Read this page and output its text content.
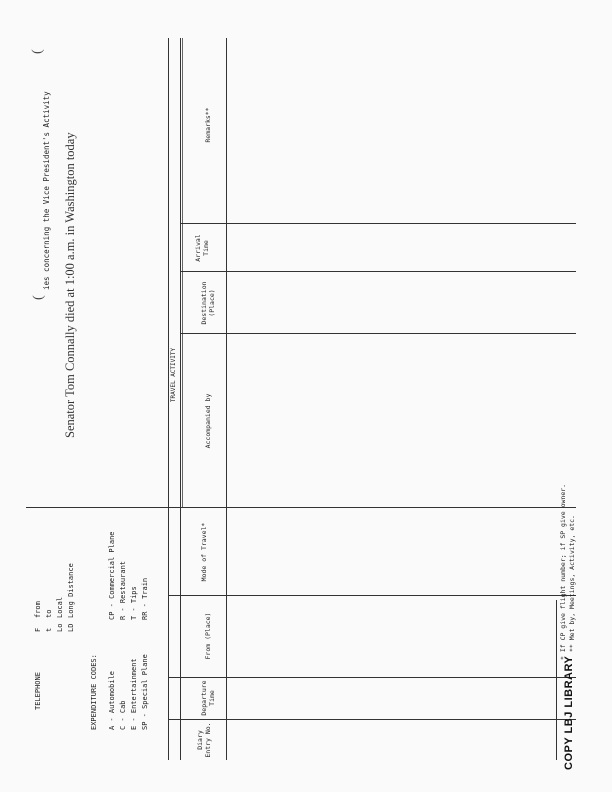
TELEPHONE
F
from
t
to
Lo
Local
LD
Long Distance
EXPENDITURE CODES: A - Automobile C - Cab E - Entertainment SP - Special Plane
CP - Commercial Plane R - Restaurant T - Tips RR - Train
(
ies concerning the Vice President's Activity Senator Tom Connally died at 1:00 a.m. in Washington today
(
TRAVEL ACTIVITY
Diary Entry No.
Departure Time
From (Place)
Mode of Travel*
Accompanied by
Destination (Place)
Arrival Time
Remarks**
* If CP give flight number; if SP give owner. ** Met by, Meetings, Activity, etc.
COPY LBJ LIBRARY
